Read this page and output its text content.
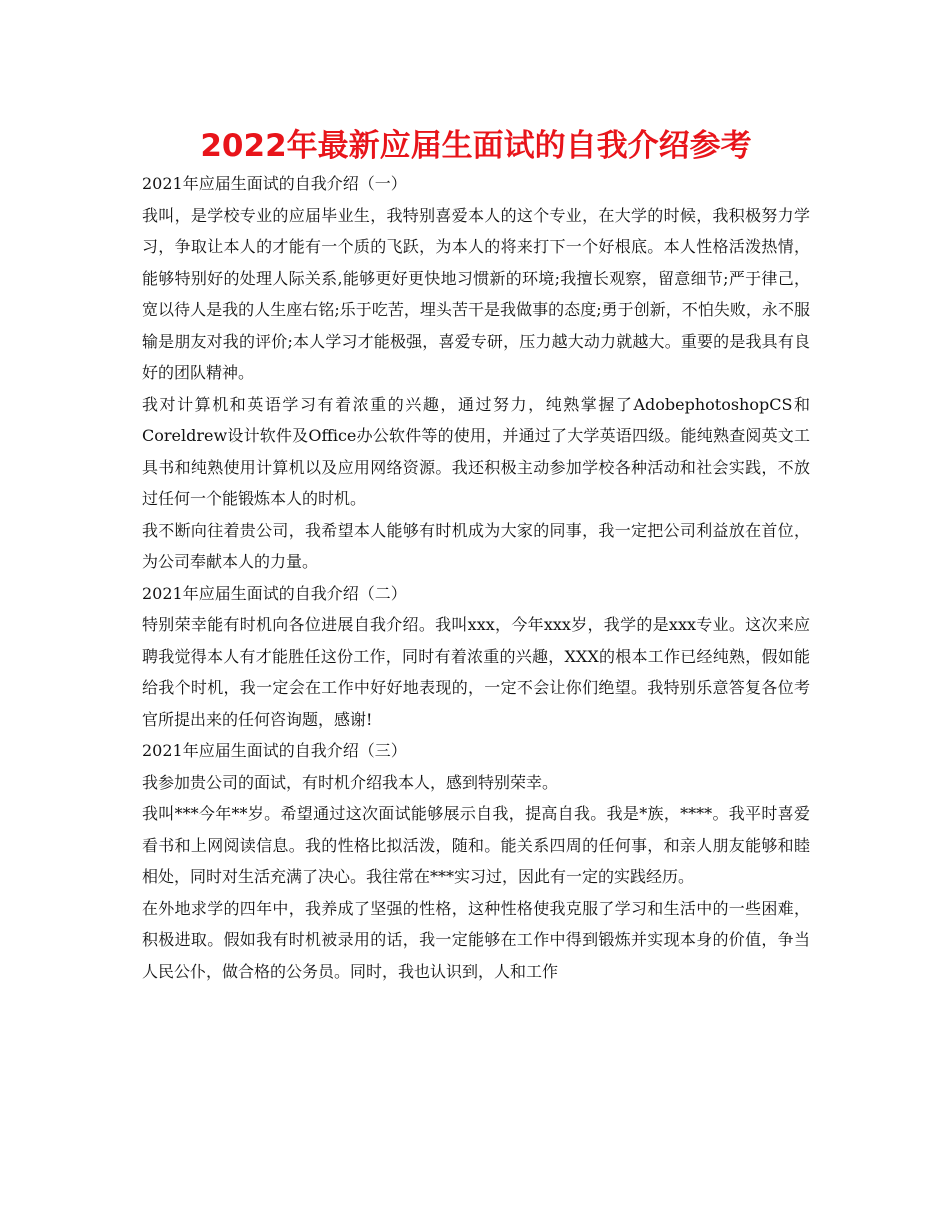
2022年最新应届生面试的自我介绍参考

2021年应届生面试的自我介绍（一）

我叫，是学校专业的应届毕业生，我特别喜爱本人的这个专业，在大学的时候，我积极努力学习，争取让本人的才能有一个质的飞跃，为本人的将来打下一个好根底。本人性格活泼热情，能够特别好的处理人际关系,能够更好更快地习惯新的环境;我擅长观察，留意细节;严于律己，宽以待人是我的人生座右铭;乐于吃苦，埋头苦干是我做事的态度;勇于创新，不怕失败，永不服输是朋友对我的评价;本人学习才能极强，喜爱专研，压力越大动力就越大。重要的是我具有良好的团队精神。

我对计算机和英语学习有着浓重的兴趣，通过努力，纯熟掌握了AdobephotoshopCS和Coreldrew设计软件及Office办公软件等的使用，并通过了大学英语四级。能纯熟查阅英文工具书和纯熟使用计算机以及应用网络资源。我还积极主动参加学校各种活动和社会实践，不放过任何一个能锻炼本人的时机。

我不断向往着贵公司，我希望本人能够有时机成为大家的同事，我一定把公司利益放在首位，为公司奉献本人的力量。

2021年应届生面试的自我介绍（二）

特别荣幸能有时机向各位进展自我介绍。我叫xxx，今年xxx岁，我学的是xxx专业。这次来应聘我觉得本人有才能胜任这份工作，同时有着浓重的兴趣，XXX的根本工作已经纯熟，假如能给我个时机，我一定会在工作中好好地表现的，一定不会让你们绝望。我特别乐意答复各位考官所提出来的任何咨询题，感谢!

2021年应届生面试的自我介绍（三）

我参加贵公司的面试，有时机介绍我本人，感到特别荣幸。

我叫***今年**岁。希望通过这次面试能够展示自我，提高自我。我是*族，****。我平时喜爱看书和上网阅读信息。我的性格比拟活泼，随和。能关系四周的任何事，和亲人朋友能够和睦相处，同时对生活充满了决心。我往常在***实习过，因此有一定的实践经历。

在外地求学的四年中，我养成了坚强的性格，这种性格使我克服了学习和生活中的一些困难，积极进取。假如我有时机被录用的话，我一定能够在工作中得到锻炼并实现本身的价值，争当人民公仆，做合格的公务员。同时，我也认识到，人和工作
